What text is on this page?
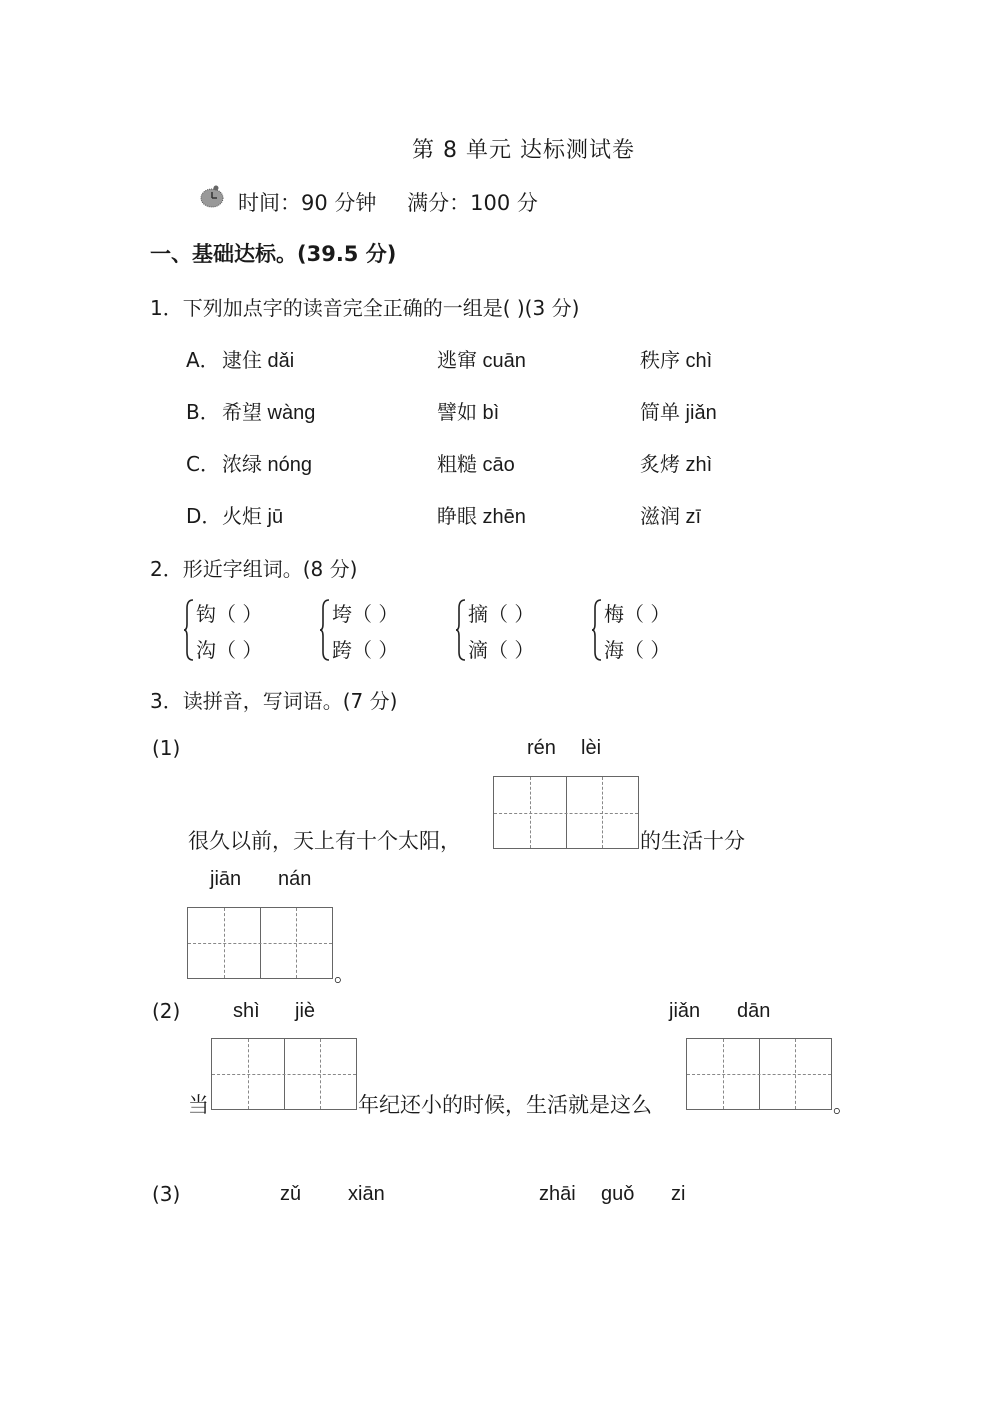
第 8 单元 达标测试卷
时间：90 分钟 满分：100 分
一、基础达标。(39.5 分)
1．下列加点字的读音完全正确的一组是( )(3 分)
A． 逮住 dǎi	逃窜 cuān	秩序 chì
B． 希望 wàng	譬如 bì	简单 jiǎn
C． 浓绿 nóng	粗糙 cāo	炙烤 zhì
D． 火炬 jū	睁眼 zhēn	滋润 zī
2．形近字组词。(8 分)
钩（ ）
沟（ ）
垮（ ）
跨（ ）
摘（ ）
滴（ ）
梅（ ）
海（ ）
3．读拼音，写词语。(7 分)
(1)	rén lèi
很久以前，天上有十个太阳，	的生活十分
jiān nán
。
(2)	shì jiè	jiǎn dān
当	年纪还小的时候，生活就是这么	。
(3)	zǔ xiān	zhāi guǒ zi
